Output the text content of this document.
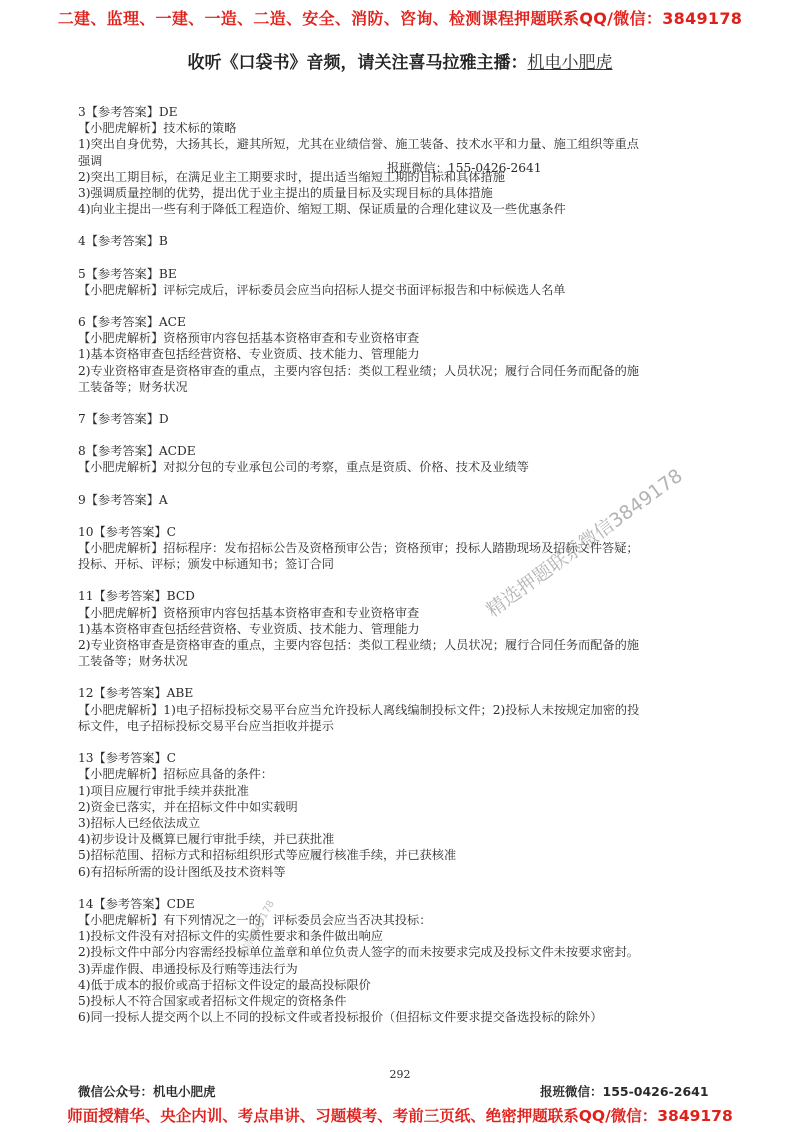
二建、监理、一建、一造、二造、安全、消防、咨询、检测课程押题联系QQ/微信：3849178
收听《口袋书》音频，请关注喜马拉雅主播：机电小肥虎
3【参考答案】DE
【小肥虎解析】技术标的策略
1)突出自身优势，大扬其长，避其所短，尤其在业绩信誉、施工装备、技术水平和力量、施工组织等重点
强调
2)突出工期目标，在满足业主工期要求时，提出适当缩短工期的目标和具体措施
3)强调质量控制的优势，提出优于业主提出的质量目标及实现目标的具体措施
4)向业主提出一些有利于降低工程造价、缩短工期、保证质量的合理化建议及一些优惠条件
4【参考答案】B
5【参考答案】BE
【小肥虎解析】评标完成后，评标委员会应当向招标人提交书面评标报告和中标候选人名单
6【参考答案】ACE
【小肥虎解析】资格预审内容包括基本资格审查和专业资格审查
1)基本资格审查包括经营资格、专业资质、技术能力、管理能力
2)专业资格审查是资格审查的重点，主要内容包括：类似工程业绩；人员状况；履行合同任务而配备的施
工装备等；财务状况
7【参考答案】D
8【参考答案】ACDE
【小肥虎解析】对拟分包的专业承包公司的考察，重点是资质、价格、技术及业绩等
9【参考答案】A
10【参考答案】C
【小肥虎解析】招标程序：发布招标公告及资格预审公告；资格预审；投标人踏勘现场及招标文件答疑；
投标、开标、评标；颁发中标通知书；签订合同
11【参考答案】BCD
【小肥虎解析】资格预审内容包括基本资格审查和专业资格审查
1)基本资格审查包括经营资格、专业资质、技术能力、管理能力
2)专业资格审查是资格审查的重点，主要内容包括：类似工程业绩；人员状况；履行合同任务而配备的施
工装备等；财务状况
12【参考答案】ABE
【小肥虎解析】1)电子招标投标交易平台应当允许投标人离线编制投标文件；2)投标人未按规定加密的投
标文件，电子招标投标交易平台应当拒收并提示
13【参考答案】C
【小肥虎解析】招标应具备的条件：
1)项目应履行审批手续并获批准
2)资金已落实，并在招标文件中如实载明
3)招标人已经依法成立
4)初步设计及概算已履行审批手续，并已获批准
5)招标范围、招标方式和招标组织形式等应履行核准手续，并已获核准
6)有招标所需的设计图纸及技术资料等
14【参考答案】CDE
【小肥虎解析】有下列情况之一的，评标委员会应当否决其投标：
1)投标文件没有对招标文件的实质性要求和条件做出响应
2)投标文件中部分内容需经投标单位盖章和单位负责人签字的而未按要求完成及投标文件未按要求密封。
3)弄虚作假、串通投标及行贿等违法行为
4)低于成本的报价或高于招标文件设定的最高投标限价
5)投标人不符合国家或者招标文件规定的资格条件
6)同一投标人提交两个以上不同的投标文件或者投标报价（但招标文件要求提交备选投标的除外）
报班微信：155-0426-2641
精选押题联系微信3849178
微信3849178
292
微信公众号：机电小肥虎	报班微信：155-0426-2641
师面授精华、央企内训、考点串讲、习题模考、考前三页纸、绝密押题联系QQ/微信：3849178
